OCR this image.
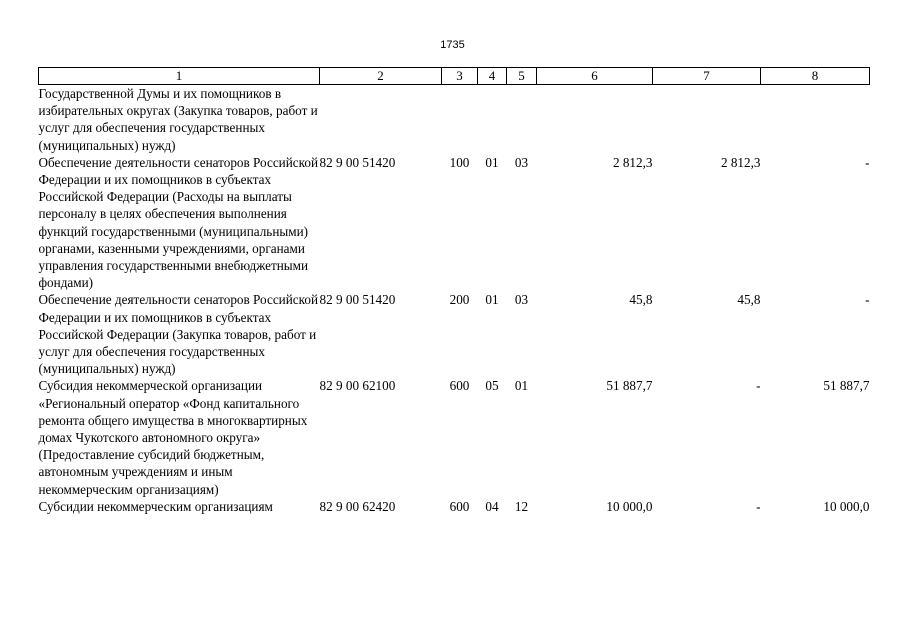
1735
1	2	3	4	5	6	7	8
Государственной Думы и их помощников в избирательных округах (Закупка товаров, работ и услуг для обеспечения государственных (муниципальных) нужд)							
Обеспечение деятельности сенаторов Российской Федерации и их помощников в субъектах Российской Федерации (Расходы на выплаты персоналу в целях обеспечения выполнения функций государственными (муниципальными) органами, казенными учреждениями, органами управления государственными внебюджетными фондами)	82 9 00 51420	100	01	03	2 812,3	2 812,3	-
Обеспечение деятельности сенаторов Российской Федерации и их помощников в субъектах Российской Федерации (Закупка товаров, работ и услуг для обеспечения государственных (муниципальных) нужд)	82 9 00 51420	200	01	03	45,8	45,8	-
Субсидия некоммерческой организации «Региональный оператор «Фонд капитального ремонта общего имущества в многоквартирных домах Чукотского автономного округа» (Предоставление субсидий бюджетным, автономным учреждениям и иным некоммерческим организациям)	82 9 00 62100	600	05	01	51 887,7	-	51 887,7
Субсидии некоммерческим организациям	82 9 00 62420	600	04	12	10 000,0	-	10 000,0
